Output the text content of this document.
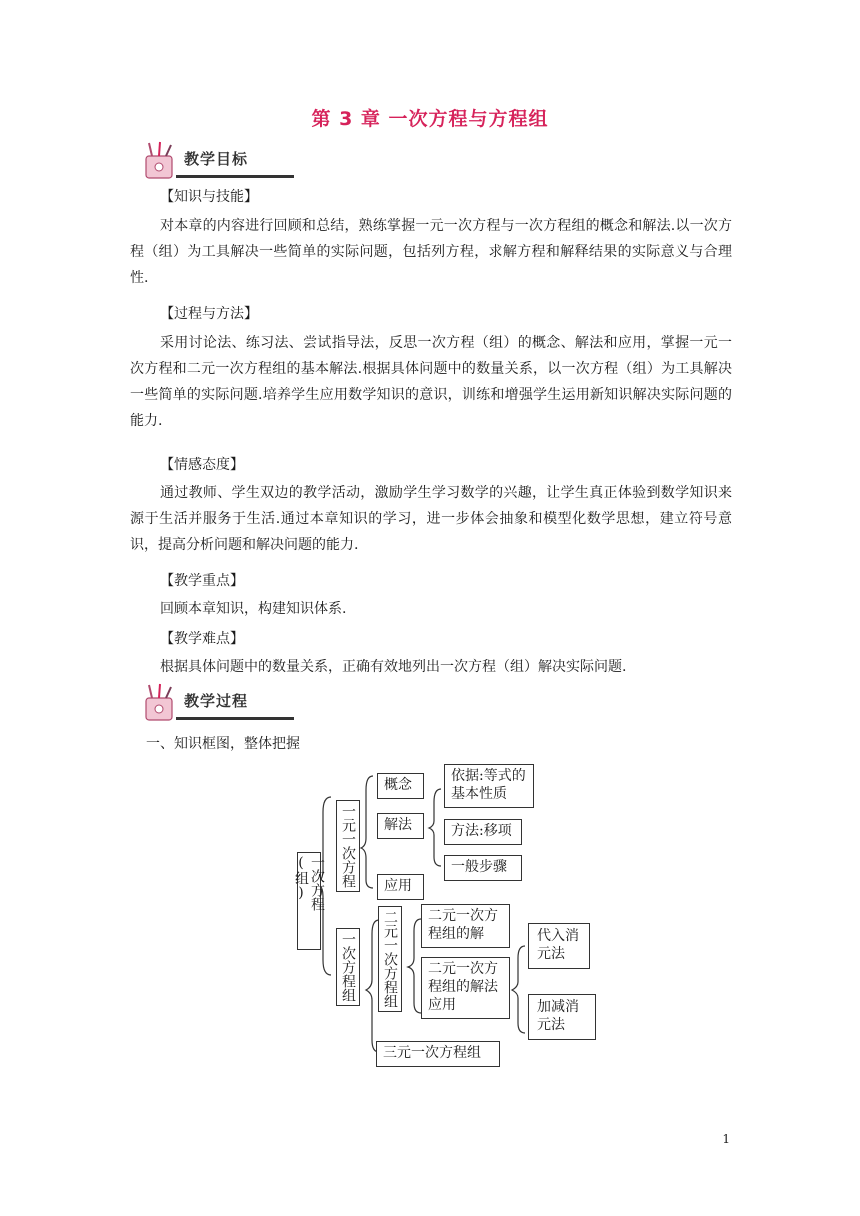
第 3 章 一次方程与方程组
教学目标
【知识与技能】

对本章的内容进行回顾和总结，熟练掌握一元一次方程与一次方程组的概念和解法.以一次方程（组）为工具解决一些简单的实际问题，包括列方程，求解方程和解释结果的实际意义与合理性.

【过程与方法】

采用讨论法、练习法、尝试指导法，反思一次方程（组）的概念、解法和应用，掌握一元一次方程和二元一次方程组的基本解法.根据具体问题中的数量关系，以一次方程（组）为工具解决一些简单的实际问题.培养学生应用数学知识的意识，训练和增强学生运用新知识解决实际问题的能力.

【情感态度】

通过教师、学生双边的教学活动，激励学生学习数学的兴趣，让学生真正体验到数学知识来源于生活并服务于生活.通过本章知识的学习，进一步体会抽象和模型化数学思想，建立符号意识，提高分析问题和解决问题的能力.

【教学重点】

回顾本章知识，构建知识体系.

【教学难点】

根据具体问题中的数量关系，正确有效地列出一次方程（组）解决实际问题.

教学过程
一、知识框图，整体把握
一次方程(组)	一元一次方程
一次方程组
概念
解法
应用
依据:等式的基本性质
方法:移项
一般步骤
二元一次方程组	二元一次方程组的解
二元一次方程组的解法应用
代入消元法
加减消元法
三元一次方程组
1
